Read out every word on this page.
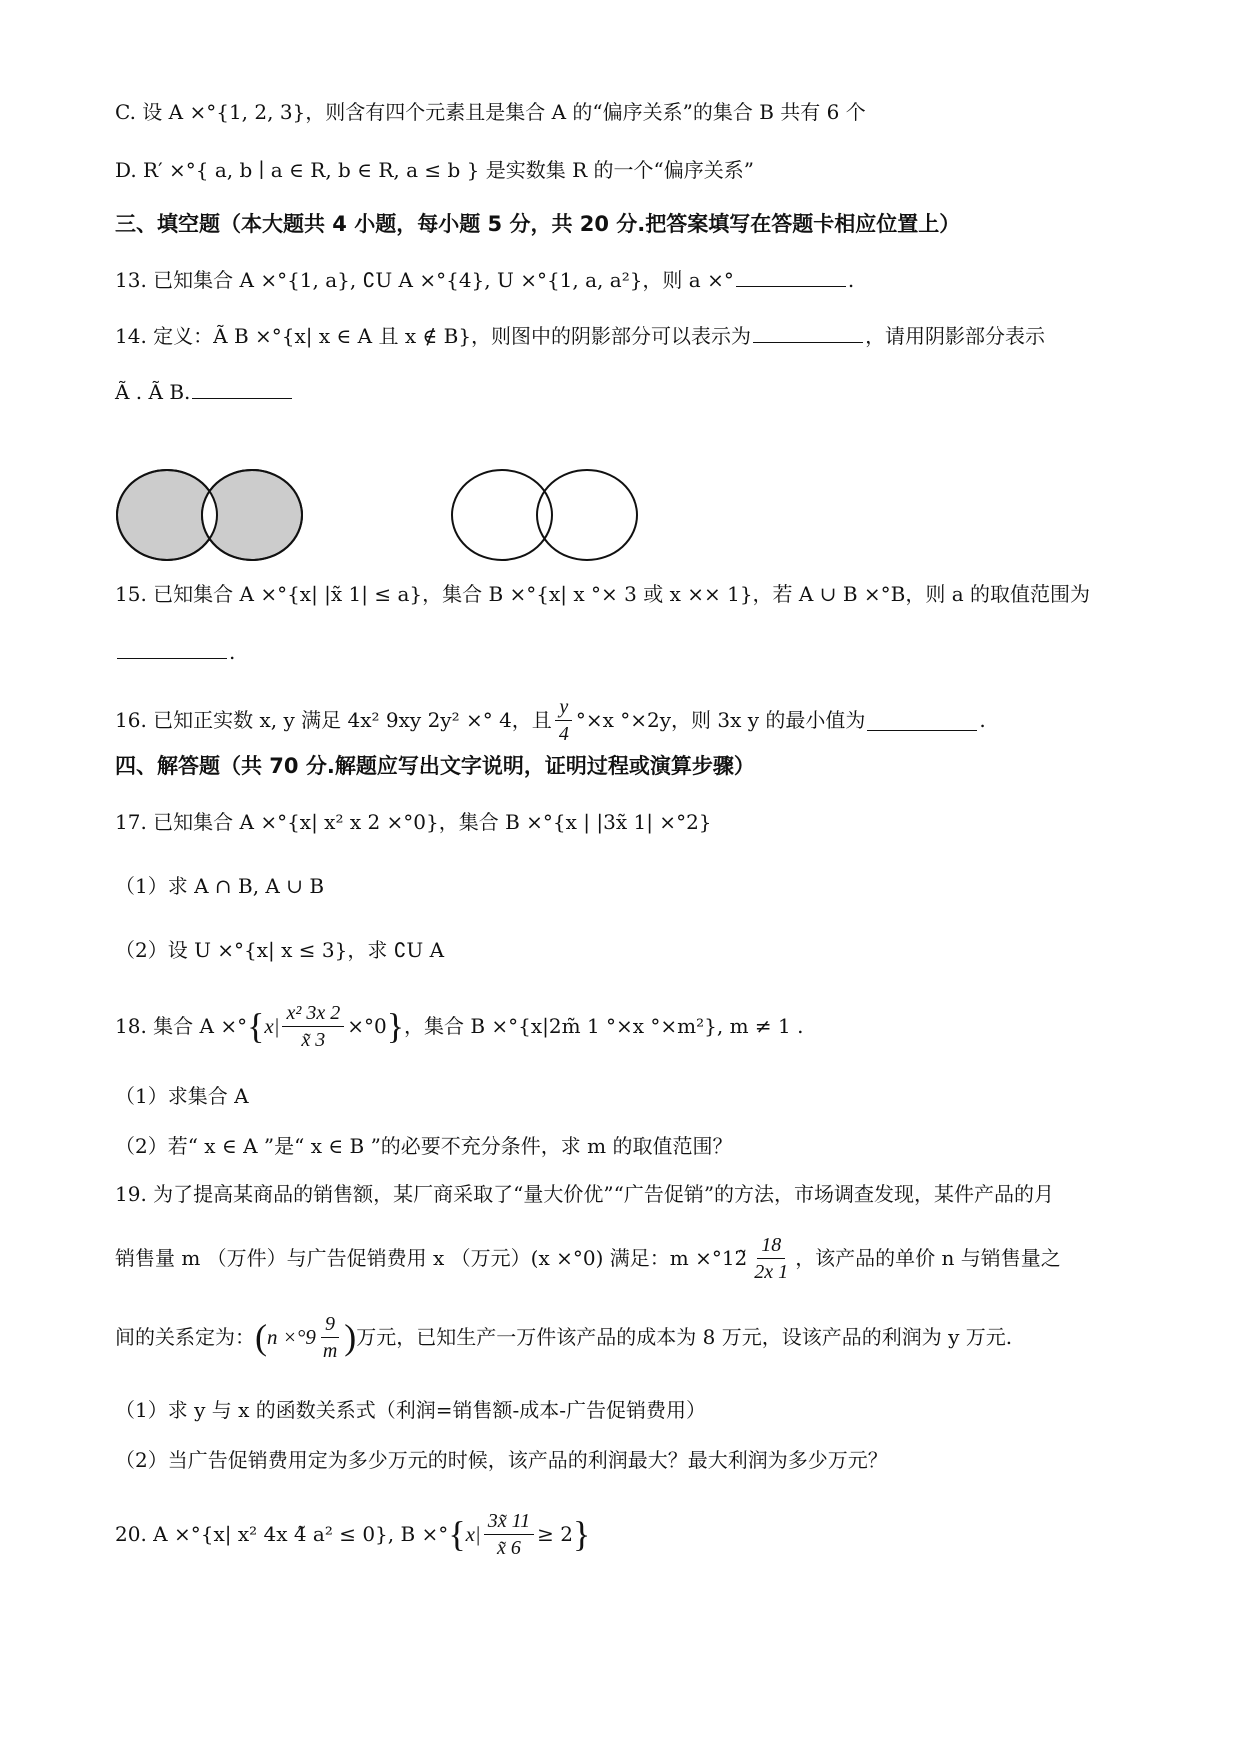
C. 设 A ×°{1, 2, 3}，则含有四个元素且是集合 A 的“偏序关系”的集合 B 共有 6 个
D. R′ ×°{ a, b ∣ a ∈ R, b ∈ R, a ≤ b } 是实数集 R 的一个“偏序关系”
三、填空题（本大题共 4 小题，每小题 5 分，共 20 分.把答案填写在答题卡相应位置上）
13. 已知集合 A ×°{1, a}, ∁U A ×°{4}, U ×°{1, a, a²}，则 a ×°	.
14. 定义：Ã B ×°{x| x ∈ A 且 x ∉ B}，则图中的阴影部分可以表示为	，请用阴影部分表示
Ã . Ã B.
15. 已知集合 A ×°{x| |x̃ 1| ≤ a}，集合 B ×°{x| x °× 3 或 x ×× 1}，若 A ∪ B ×°B，则 a 的取值范围为
.
16. 已知正实数 x, y 满足 4x² 9xy 2y² ×° 4，且 $\frac{y}{4} ^\circ\times x$ °×2y，则 3x y 的最小值为	.
四、解答题（共 70 分.解题应写出文字说明，证明过程或演算步骤）
17. 已知集合 A ×°{x| x² x 2 ×°0}，集合 B ×°{x | |3x̃ 1| ×°2}
（1）求 A ∩ B, A ∪ B
（2）设 U ×°{x| x ≤ 3}，求 ∁U A
18. 集合 A ×° { $x| \frac{\text{x² 3x 2}}{x̃ 3} \times^\circ 0$ } ，集合 B ×°{x|2m̃ 1 °×x °×m²}, m ≠ 1 .
（1）求集合 A
（2）若“ x ∈ A ”是“ x ∈ B ”的必要不充分条件，求 m 的取值范围？
19. 为了提高某商品的销售额，某厂商采取了“量大价优”“广告促销”的方法，市场调查发现，某件产品的月
销售量 m （万件）与广告促销费用 x （万元）(x ×°0) 满足：m ×°12̃ $\frac{18}{2x 1}$ ，该产品的单价 n 与销售量之
间的关系定为： ( $n \times^\circ 9 \frac{9}{m}$ ) 万元，已知生产一万件该产品的成本为 8 万元，设该产品的利润为 y 万元.
（1）求 y 与 x 的函数关系式（利润=销售额-成本-广告促销费用）
（2）当广告促销费用定为多少万元的时候，该产品的利润最大？最大利润为多少万元？
20. A ×°{x| x² 4x 4̃ a² ≤ 0}, B ×° { $x| \frac{3x̃ 11}{x̃ 6} \ge 2$ }
